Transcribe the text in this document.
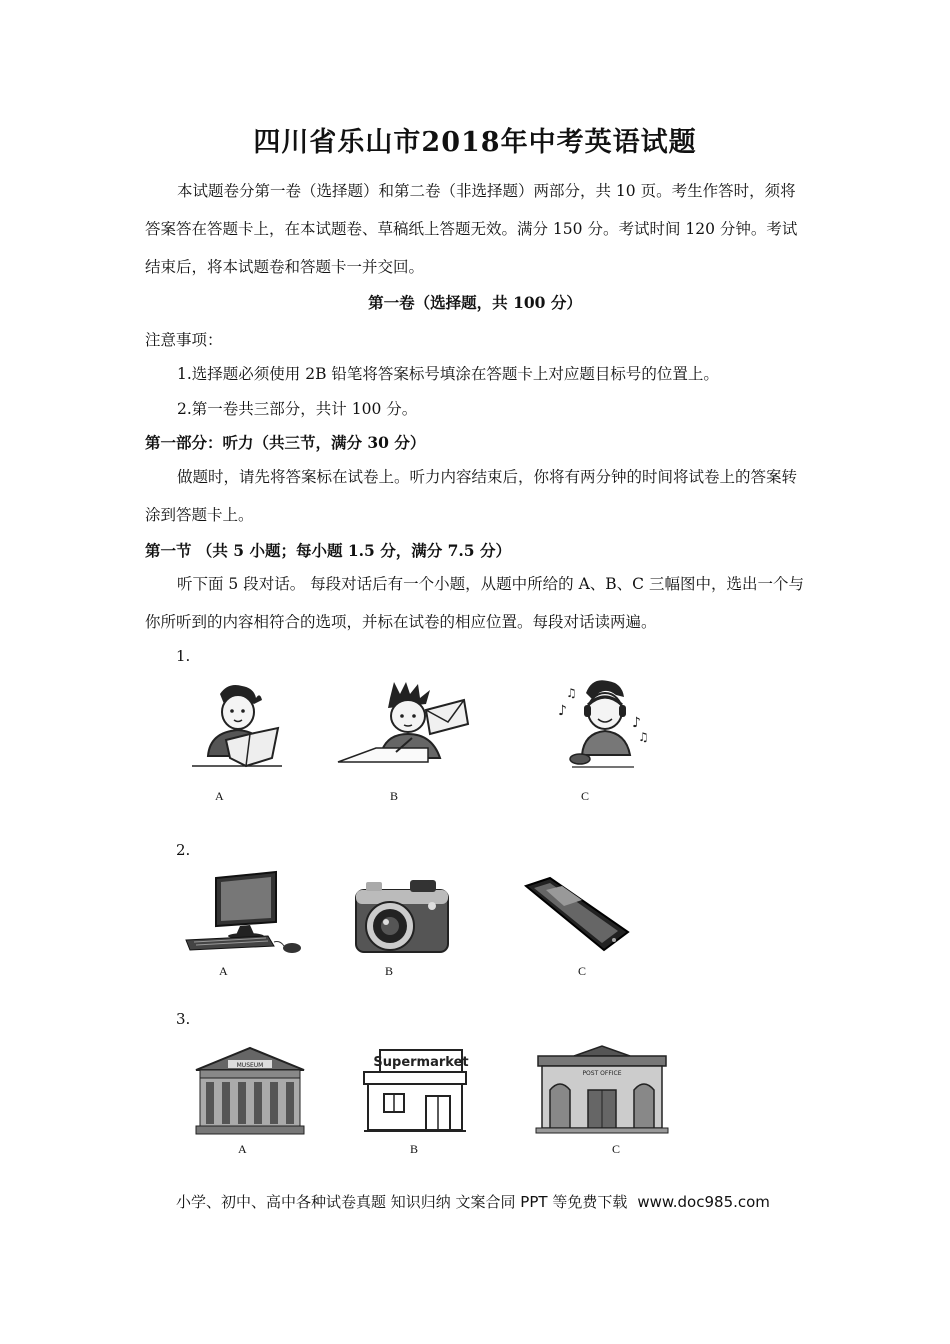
四川省乐山市2018年中考英语试题
本试题卷分第一卷（选择题）和第二卷（非选择题）两部分，共 10 页。考生作答时，须将答案答在答题卡上，在本试题卷、草稿纸上答题无效。满分 150 分。考试时间 120 分钟。考试结束后，将本试题卷和答题卡一并交回。
第一卷（选择题，共 100 分）
注意事项：
1.选择题必须使用 2B 铅笔将答案标号填涂在答题卡上对应题目标号的位置上。
2.第一卷共三部分，共计 100 分。
第一部分：听力（共三节，满分 30 分）
做题时，请先将答案标在试卷上。听力内容结束后，你将有两分钟的时间将试卷上的答案转涂到答题卡上。
第一节 （共 5 小题；每小题 1.5 分，满分 7.5 分）
听下面 5 段对话。 每段对话后有一个小题，从题中所给的 A、B、C 三幅图中，选出一个与你所听到的内容相符合的选项，并标在试卷的相应位置。每段对话读两遍。
1.
A	B
♪
♫
♪
♫
C
2.
A	B	C
3.
MUSEUM
A
Supermarket
B
POST OFFICE
C
小学、初中、高中各种试卷真题 知识归纳 文案合同 PPT 等免费下载 www.doc985.com
